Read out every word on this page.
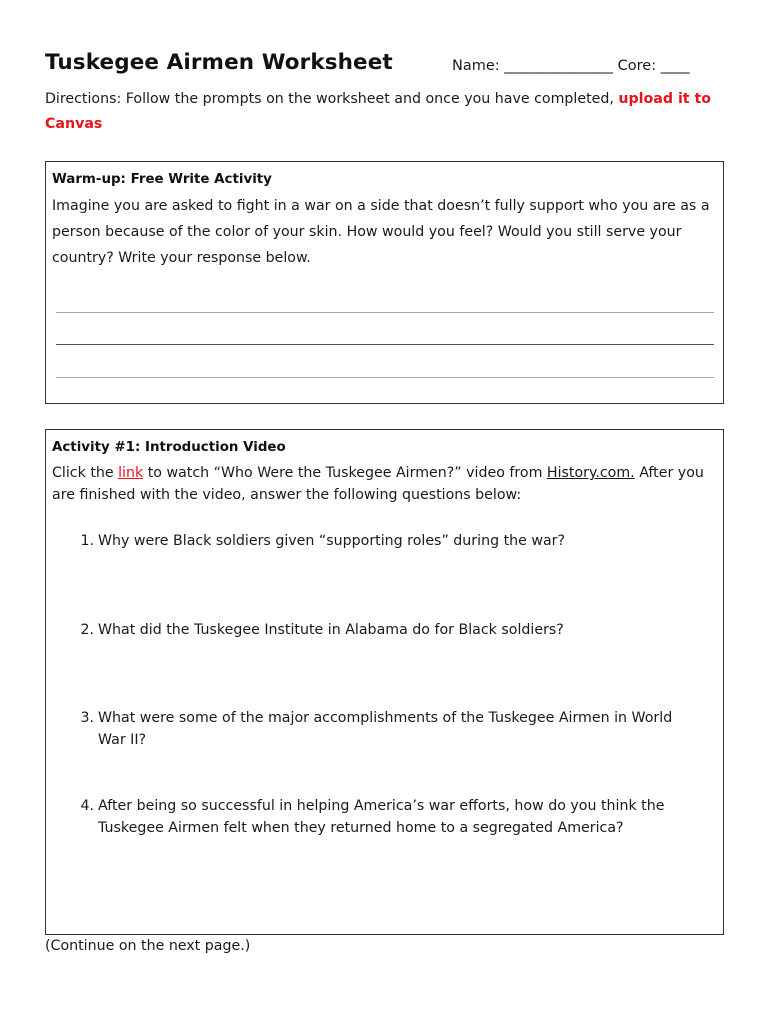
Tuskegee Airmen Worksheet	Name: _______________ Core: ____
Directions: Follow the prompts on the worksheet and once you have completed, upload it to Canvas
Warm-up: Free Write Activity
Imagine you are asked to fight in a war on a side that doesn’t fully support who you are as a person because of the color of your skin. How would you feel? Would you still serve your country? Write your response below.
Activity #1: Introduction Video
Click the link to watch “Who Were the Tuskegee Airmen?” video from History.com. After you are finished with the video, answer the following questions below:
1. Why were Black soldiers given “supporting roles” during the war?
2. What did the Tuskegee Institute in Alabama do for Black soldiers?
3. What were some of the major accomplishments of the Tuskegee Airmen in World War II?
4. After being so successful in helping America’s war efforts, how do you think the Tuskegee Airmen felt when they returned home to a segregated America?
(Continue on the next page.)
